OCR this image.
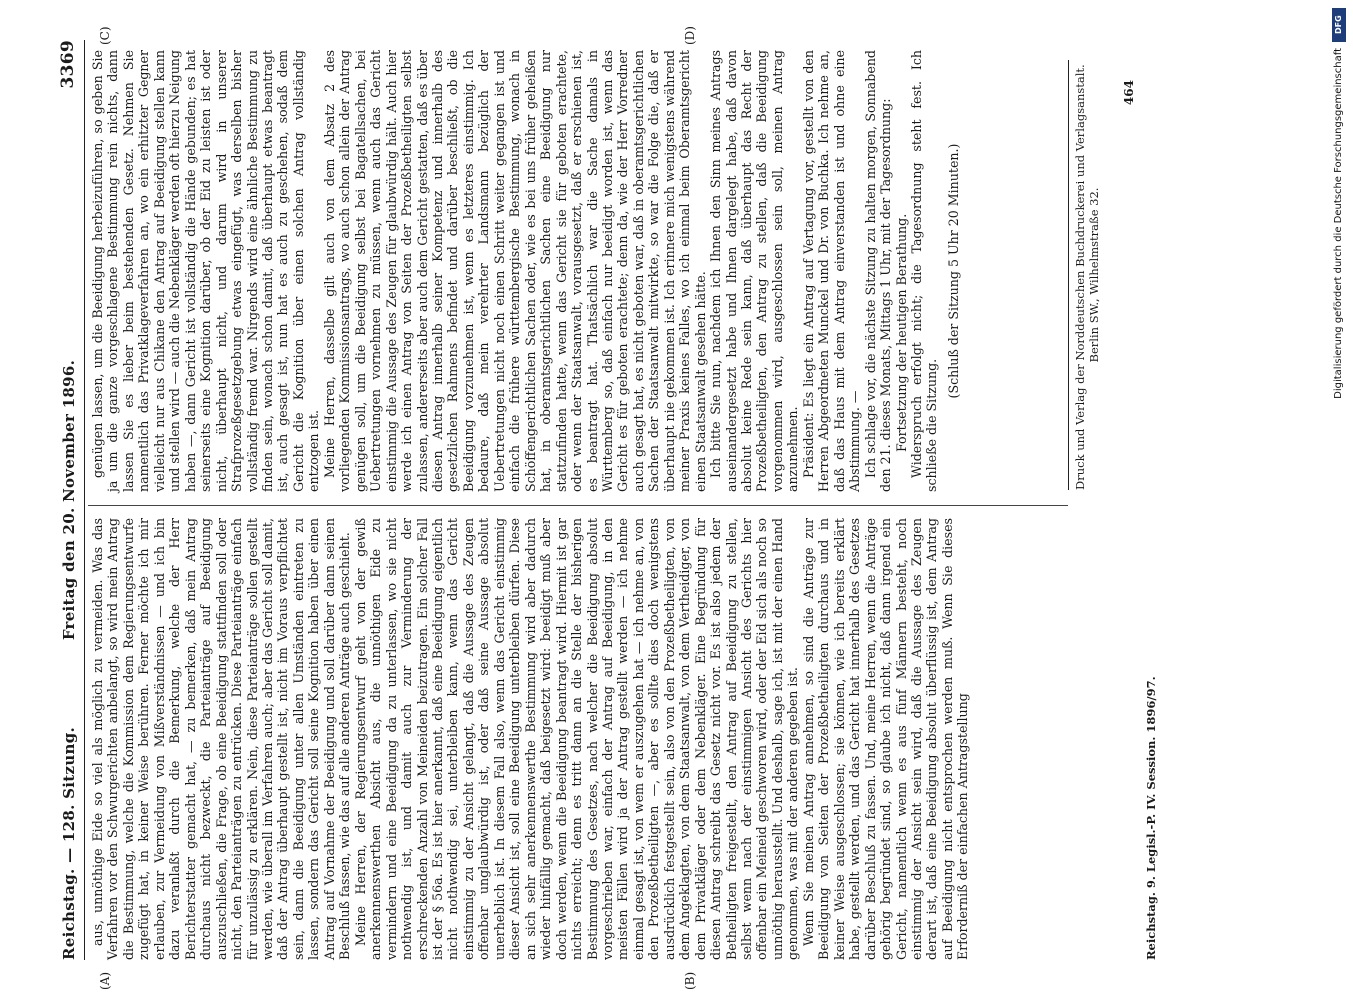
Reichstag. — 128. Sitzung.
Freitag den 20. November 1896.
3369
(A)	(B)
(C)	(D)

aus, unnöthige Eide so viel als möglich zu vermeiden. Was das Verfahren vor den Schwurgerichten anbelangt, so wird mein Antrag die Bestimmung, welche die Kommission dem Regierungsentwurfe zugefügt hat, in keiner Weise berühren. Ferner möchte ich mir erlauben, zur Vermeidung von Mißverständnissen — und ich bin dazu veranlaßt durch die Bemerkung, welche der Herr Berichterstatter gemacht hat, — zu bemerken, daß mein Antrag durchaus nicht bezweckt, die Parteianträge auf Beeidigung auszuschließen, die Frage, ob eine Beeidigung stattfinden soll oder nicht, den Parteianträgen zu entrücken. Diese Parteianträge einfach für unzulässig zu erklären. Nein, diese Parteianträge sollen gestellt werden, wie überall im Verfahren auch; aber das Gericht soll damit, daß der Antrag überhaupt gestellt ist, nicht im Voraus verpflichtet sein, dann die Beeidigung unter allen Umständen eintreten zu lassen, sondern das Gericht soll seine Kognition haben über einen Antrag auf Vornahme der Beeidigung und soll darüber dann seinen Beschluß fassen, wie das auf alle anderen Anträge auch geschieht. Meine Herren, der Regierungsentwurf geht von der gewiß anerkennenswerthen Absicht aus, die unnöthigen Eide zu vermindern und eine Beeidigung da zu unterlassen, wo sie nicht nothwendig ist, und damit auch zur Verminderung der erschreckenden Anzahl von Meineiden beizutragen. Ein solcher Fall ist der § 56a. Es ist hier anerkannt, daß eine Beeidigung eigentlich nicht nothwendig sei, unterbleiben kann, wenn das Gericht einstimmig zu der Ansicht gelangt, daß die Aussage des Zeugen offenbar unglaubwürdig ist, oder daß seine Aussage absolut unerheblich ist. In diesem Fall also, wenn das Gericht einstimmig dieser Ansicht ist, soll eine Beeidigung unterbleiben dürfen. Diese an sich sehr anerkennenswerthe Bestimmung wird aber dadurch wieder hinfällig gemacht, daß beigesetzt wird: beeidigt muß aber doch werden, wenn die Beeidigung beantragt wird. Hiermit ist gar nichts erreicht; denn es tritt dann an die Stelle der bisherigen Bestimmung des Gesetzes, nach welcher die Beeidigung absolut vorgeschrieben war, einfach der Antrag auf Beeidigung, in den meisten Fällen wird ja der Antrag gestellt werden — ich nehme einmal gesagt ist, von wem er auszugehen hat — ich nehme an, von den Prozeßbetheiligten —, aber es sollte dies doch wenigstens ausdrücklich festgestellt sein, also von den Prozeßbetheiligten, von dem Angeklagten, von dem Staatsanwalt, von dem Vertheidiger, von dem Privatkläger oder dem Nebenkläger. Eine Begründung für diesen Antrag schreibt das Gesetz nicht vor. Es ist also jedem der Betheiligten freigestellt, den Antrag auf Beeidigung zu stellen, selbst wenn nach der einstimmigen Ansicht des Gerichts hier offenbar ein Meineid geschworen wird, oder der Eid sich als noch so unnöthig herausstellt. Und deshalb, sage ich, ist mit der einen Hand genommen, was mit der anderen gegeben ist. Wenn Sie meinen Antrag annehmen, so sind die Anträge zur Beeidigung von Seiten der Prozeßbetheiligten durchaus und in keiner Weise ausgeschlossen; sie können, wie ich bereits erklärt habe, gestellt werden, und das Gericht hat innerhalb des Gesetzes darüber Beschluß zu fassen. Und, meine Herren, wenn die Anträge gehörig begründet sind, so glaube ich nicht, daß dann irgend ein Gericht, namentlich wenn es aus fünf Männern besteht, noch einstimmig der Ansicht sein wird, daß die Aussage des Zeugen derart ist, daß eine Beeidigung absolut überflüssig ist, dem Antrag auf Beeidigung nicht entsprochen werden muß. Wenn Sie dieses Erforderniß der einfachen Antragstellung

genügen lassen, um die Beeidigung herbeizuführen, so geben Sie ja um die ganze vorgeschlagene Bestimmung rein nichts, dann lassen Sie es lieber beim bestehenden Gesetz. Nehmen Sie namentlich das Privatklageverfahren an, wo ein erhitzter Gegner vielleicht nur aus Chikane den Antrag auf Beeidigung stellen kann und stellen wird — auch die Nebenkläger werden oft hierzu Neigung haben —, dann Gericht ist vollständig die Hände gebunden; es hat seinerseits eine Kognition darüber, ob der Eid zu leisten ist oder nicht, überhaupt nicht, und darum wird in unserer Strafprozeßgesetzgebung etwas eingefügt, was derselben bisher vollständig fremd war. Nirgends wird eine ähnliche Bestimmung zu finden sein, wonach schon damit, daß überhaupt etwas beantragt ist, auch gesagt ist, nun hat es auch zu geschehen, sodaß dem Gericht die Kognition über einen solchen Antrag vollständig entzogen ist. Meine Herren, dasselbe gilt auch von dem Absatz 2 des vorliegenden Kommissionsantrags, wo auch schon allein der Antrag genügen soll, um die Beeidigung selbst bei Bagatellsachen, bei Uebertretungen vornehmen zu müssen, wenn auch das Gericht einstimmig die Aussage des Zeugen für glaubwürdig hält. Auch hier werde ich einen Antrag von Seiten der Prozeßbetheiligten selbst zulassen, andererseits aber auch dem Gericht gestatten, daß es über diesen Antrag innerhalb seiner Kompetenz und innerhalb des gesetzlichen Rahmens befindet und darüber beschließt, ob die Beeidigung vorzunehmen ist, wenn es letzteres einstimmig. Ich bedaure, daß mein verehrter Landsmann bezüglich der Uebertretungen nicht noch einen Schritt weiter gegangen ist und einfach die frühere württembergische Bestimmung, wonach in Schöffengerichtlichen Sachen oder, wie es bei uns früher geheißen hat, in oberamtsgerichtlichen Sachen eine Beeidigung nur stattzufinden hatte, wenn das Gericht sie für geboten erachtete, oder wenn der Staatsanwalt, vorausgesetzt, daß er erschienen ist, es beantragt hat. Thatsächlich war die Sache damals in Württemberg so, daß einfach nur beeidigt worden ist, wenn das Gericht es für geboten erachtete; denn da, wie der Herr Vorredner auch gesagt hat, es nicht geboten war, daß in oberamtsgerichtlichen Sachen der Staatsanwalt mitwirkte, so war die Folge die, daß er überhaupt nie gekommen ist. Ich erinnere mich wenigstens während meiner Praxis keines Falles, wo ich einmal beim Oberamtsgericht einen Staatsanwalt gesehen hätte. Ich bitte Sie nun, nachdem ich Ihnen den Sinn meines Antrags auseinandergesetzt habe und Ihnen dargelegt habe, daß davon absolut keine Rede sein kann, daß überhaupt das Recht der Prozeßbetheiligten, den Antrag zu stellen, daß die Beeidigung vorgenommen wird, ausgeschlossen sein soll, meinen Antrag anzunehmen. Präsident: Es liegt ein Antrag auf Vertagung vor, gestellt von den Herren Abgeordneten Munckel und Dr. von Buchka. Ich nehme an, daß das Haus mit dem Antrag einverstanden ist und ohne eine Abstimmung. — Ich schlage vor, die nächste Sitzung zu halten morgen, Sonnabend den 21. dieses Monats, Mittags 1 Uhr, mit der Tagesordnung: Fortsetzung der heutigen Berathung. Widerspruch erfolgt nicht; die Tagesordnung steht fest. Ich schließe die Sitzung.

(Schluß der Sitzung 5 Uhr 20 Minuten.)	Druck und Verlag der Norddeutschen Buchdruckerei und Verlagsanstalt. Berlin SW., Wilhelmstraße 32.
464
Reichstag. 9. Legisl.-P. IV. Session. 1896/97.
DFG
Digitalisierung gefördert durch die Deutsche Forschungsgemeinschaft
